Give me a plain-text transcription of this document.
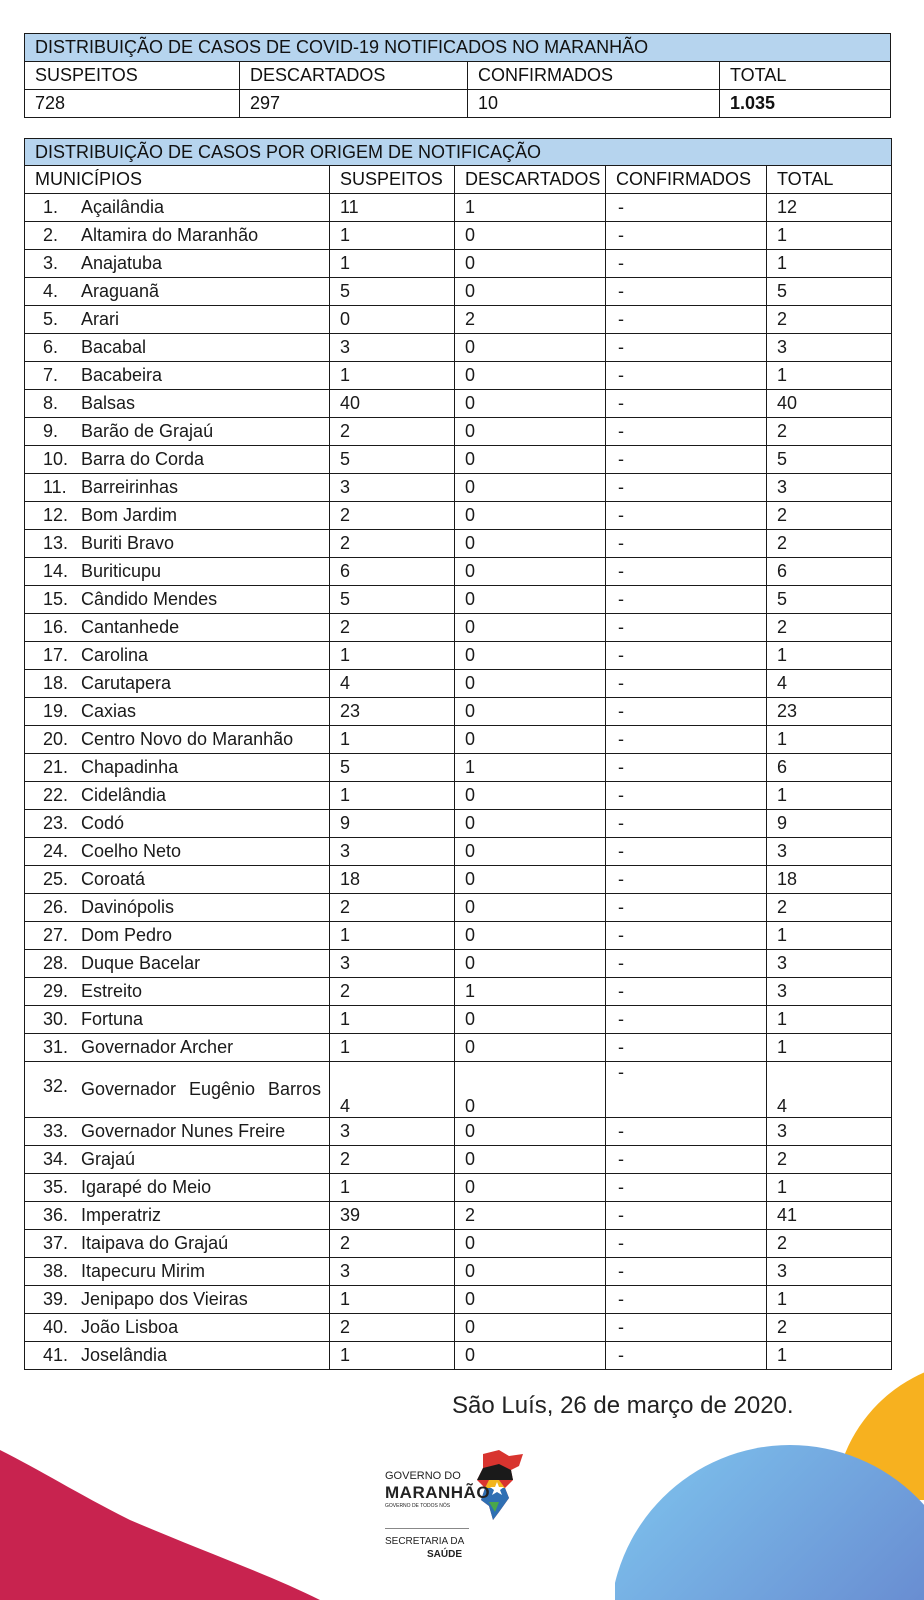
DISTRIBUIÇÃO DE CASOS DE COVID-19 NOTIFICADOS NO MARANHÃO			
SUSPEITOS	DESCARTADOS	CONFIRMADOS	TOTAL
728	297	10	1.035
DISTRIBUIÇÃO DE CASOS POR ORIGEM DE NOTIFICAÇÃO				
MUNICÍPIOS	SUSPEITOS	DESCARTADOS	CONFIRMADOS	TOTAL
1. Açailândia	11	1	-	12
2. Altamira do Maranhão	1	0	-	1
3. Anajatuba	1	0	-	1
4. Araguanã	5	0	-	5
5. Arari	0	2	-	2
6. Bacabal	3	0	-	3
7. Bacabeira	1	0	-	1
8. Balsas	40	0	-	40
9. Barão de Grajaú	2	0	-	2
10. Barra do Corda	5	0	-	5
11. Barreirinhas	3	0	-	3
12. Bom Jardim	2	0	-	2
13. Buriti Bravo	2	0	-	2
14. Buriticupu	6	0	-	6
15. Cândido Mendes	5	0	-	5
16. Cantanhede	2	0	-	2
17. Carolina	1	0	-	1
18. Carutapera	4	0	-	4
19. Caxias	23	0	-	23
20. Centro Novo do Maranhão	1	0	-	1
21. Chapadinha	5	1	-	6
22. Cidelândia	1	0	-	1
23. Codó	9	0	-	9
24. Coelho Neto	3	0	-	3
25. Coroatá	18	0	-	18
26. Davinópolis	2	0	-	2
27. Dom Pedro	1	0	-	1
28. Duque Bacelar	3	0	-	3
29. Estreito	2	1	-	3
30. Fortuna	1	0	-	1
31. Governador Archer	1	0	-	1
32. Governador Eugênio Barros	4	0	-	4
33. Governador Nunes Freire	3	0	-	3
34. Grajaú	2	0	-	2
35. Igarapé do Meio	1	0	-	1
36. Imperatriz	39	2	-	41
37. Itaipava do Grajaú	2	0	-	2
38. Itapecuru Mirim	3	0	-	3
39. Jenipapo dos Vieiras	1	0	-	1
40. João Lisboa	2	0	-	2
41. Joselândia	1	0	-	1
São Luís, 26 de março de 2020.
GOVERNO DO
MARANHÃO
GOVERNO DE TODOS NÓS
SECRETARIA DA
SAÚDE
